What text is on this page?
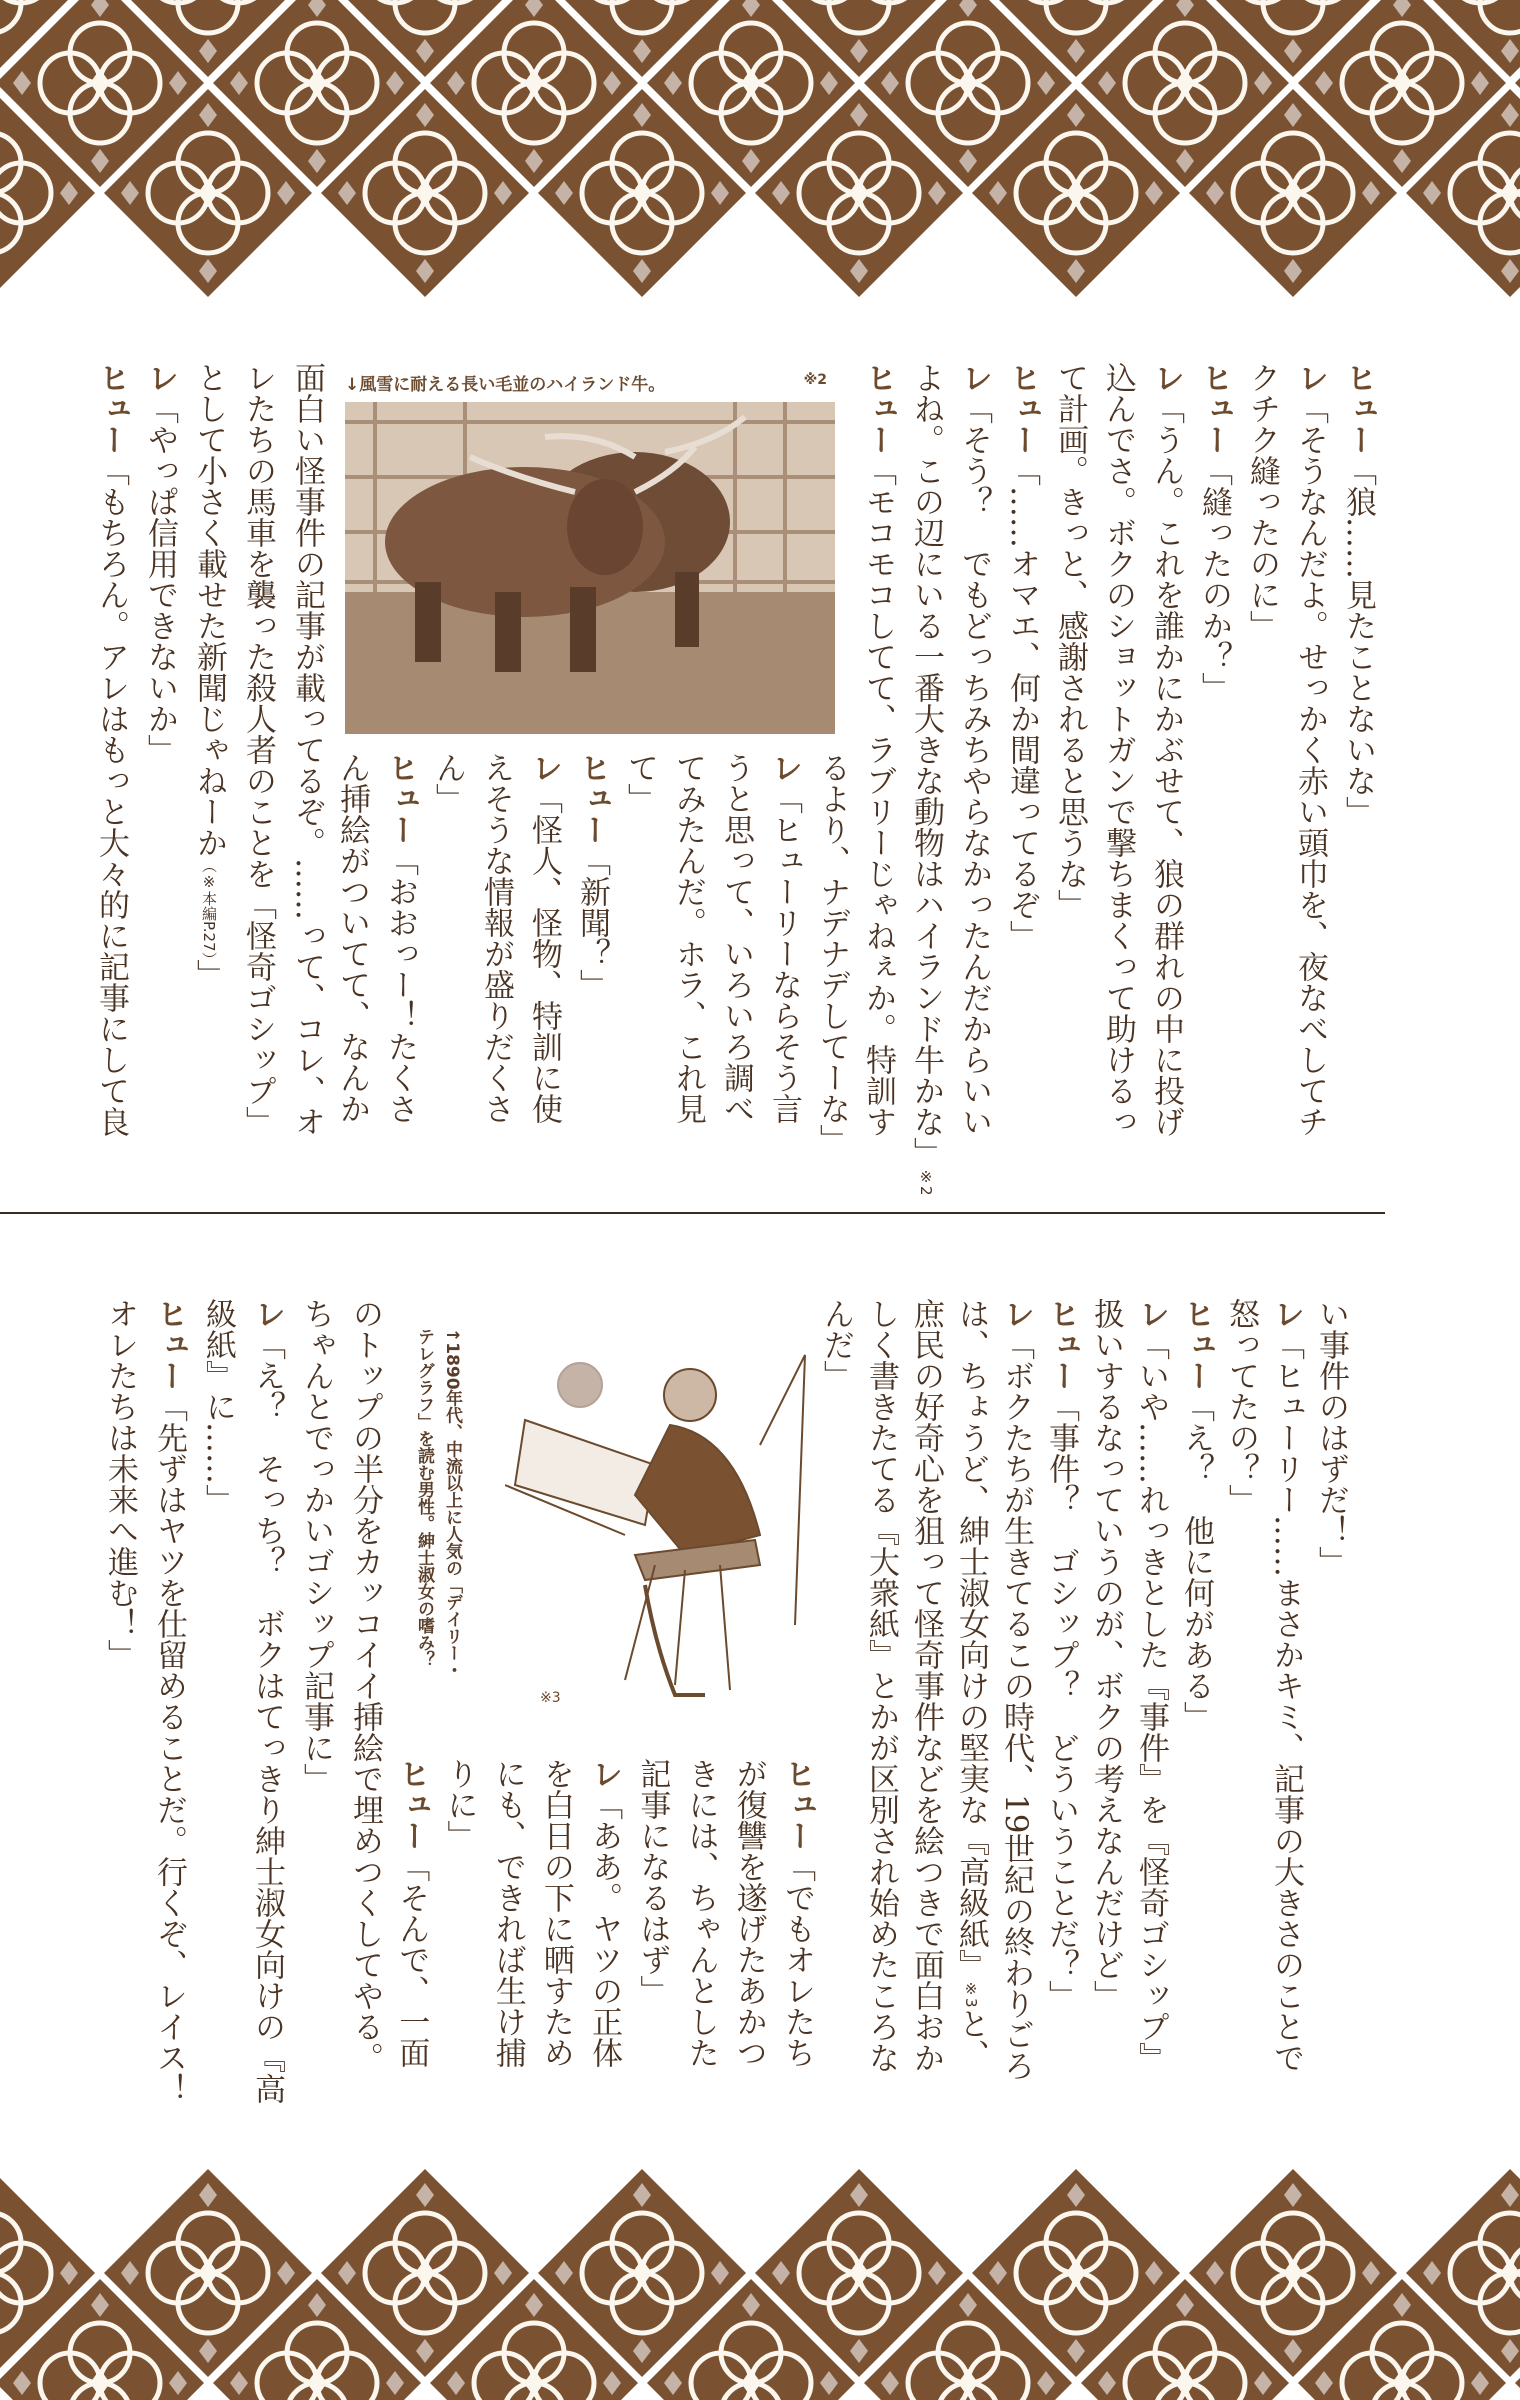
ヒュー「狼……見たことないな」
レ「そうなんだよ。せっかく赤い頭巾を、夜なべしてチ
クチク縫ったのに」
ヒュー「縫ったのか？」
レ「うん。これを誰かにかぶせて、狼の群れの中に投げ
込んでさ。ボクのショットガンで撃ちまくって助けるっ
て計画。きっと、感謝されると思うな」
ヒュー「……オマエ、何か間違ってるぞ」
レ「そう？　でもどっちみちやらなかったんだからいい
よね。この辺にいる一番大きな動物はハイランド牛かな」※2
ヒュー「モコモコしてて、ラブリーじゃねぇか。特訓す
↓風雪に耐える長い毛並のハイランド牛。	※2
るより、ナデナデしてーな」
レ「ヒューリーならそう言
うと思って、いろいろ調べ
てみたんだ。ホラ、これ見
て」
ヒュー「新聞？」
レ「怪人、怪物、特訓に使
えそうな情報が盛りだくさ
ん」
ヒュー「おおっー！たくさ
ん挿絵がついてて、なんか
面白い怪事件の記事が載ってるぞ。……って、コレ、オ
レたちの馬車を襲った殺人者のことを「怪奇ゴシップ」
として小さく載せた新聞じゃねーか（※本編P.27）」
レ「やっぱ信用できないか」
ヒュー「もちろん。アレはもっと大々的に記事にして良
い事件のはずだ！」
レ「ヒューリー……まさかキミ、記事の大きさのことで
怒ってたの？」
ヒュー「え？　他に何がある」
レ「いや……れっきとした『事件』を『怪奇ゴシップ』
扱いするなっていうのが、ボクの考えなんだけど」
ヒュー「事件？　ゴシップ？　どういうことだ？」
レ「ボクたちが生きてるこの時代、19世紀の終わりごろ
は、ちょうど、紳士淑女向けの堅実な『高級紙』※3と、
庶民の好奇心を狙って怪奇事件などを絵つきで面白おか
しく書きたてる『大衆紙』とかが区別され始めたころな
んだ」
↑1890年代、中流以上に人気の「デイリー・
テレグラフ」を読む男性。紳士淑女の嗜み？
※3
ヒュー「でもオレたち
が復讐を遂げたあかつ
きには、ちゃんとした
記事になるはず」
レ「ああ。ヤツの正体
を白日の下に晒すため
にも、できれば生け捕
りに」
ヒュー「そんで、一面
のトップの半分をカッコイイ挿絵で埋めつくしてやる。
ちゃんとでっかいゴシップ記事に」
レ「え？　そっち？　ボクはてっきり紳士淑女向けの『高
級紙』に……」
ヒュー「先ずはヤツを仕留めることだ。行くぞ、レイス！
オレたちは未来へ進む！」
